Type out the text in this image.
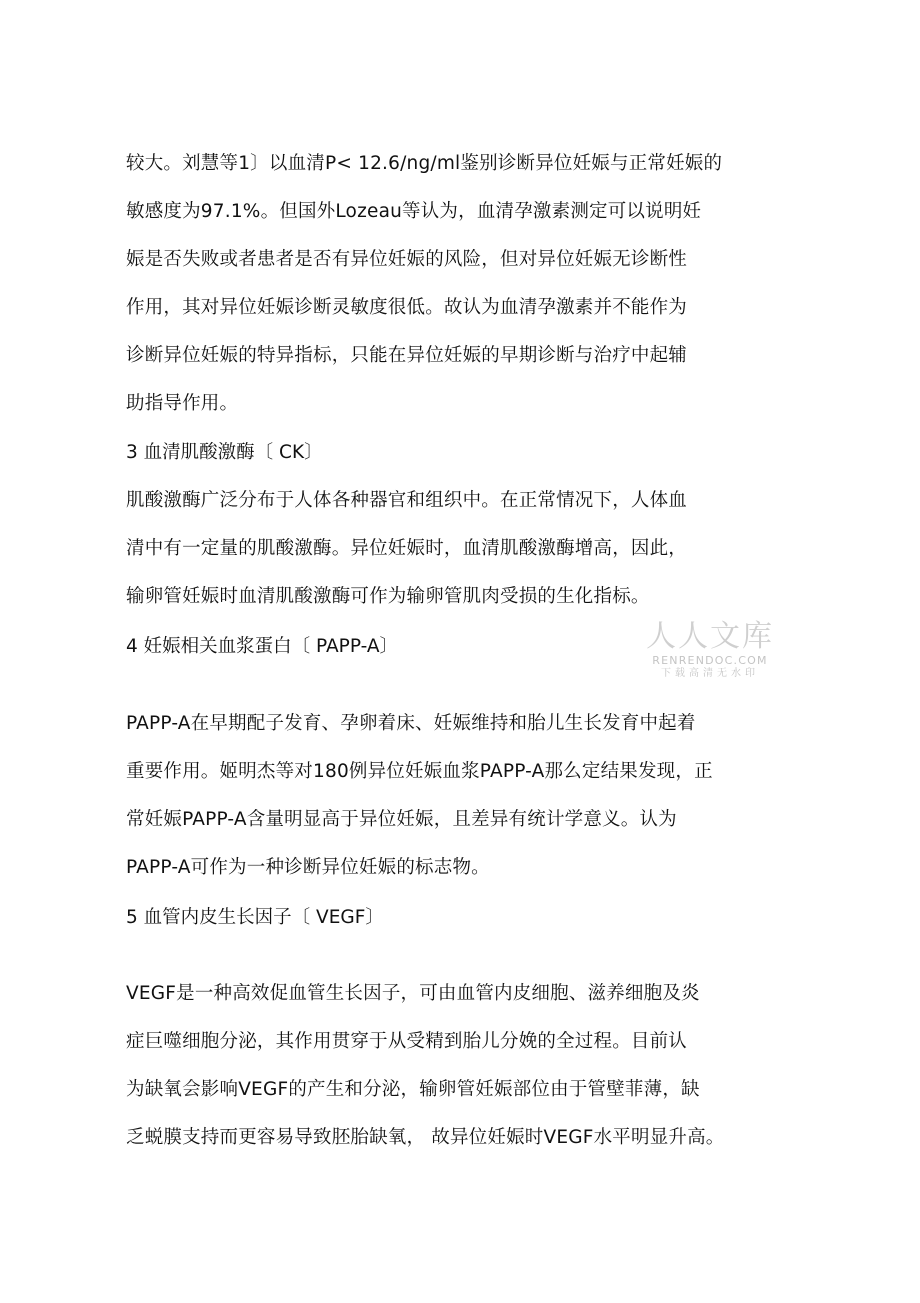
较大。刘慧等1〕以血清P< 12.6/ng/ml鉴别诊断异位妊娠与正常妊娠的
敏感度为97.1%。但国外Lozeau等认为，血清孕激素测定可以说明妊
娠是否失败或者患者是否有异位妊娠的风险，但对异位妊娠无诊断性
作用，其对异位妊娠诊断灵敏度很低。故认为血清孕激素并不能作为
诊断异位妊娠的特异指标，只能在异位妊娠的早期诊断与治疗中起辅
助指导作用。
3 血清肌酸激酶〔 CK〕
肌酸激酶广泛分布于人体各种器官和组织中。在正常情况下，人体血
清中有一定量的肌酸激酶。异位妊娠时，血清肌酸激酶增高，因此，
输卵管妊娠时血清肌酸激酶可作为输卵管肌肉受损的生化指标。
4 妊娠相关血浆蛋白〔 PAPP-A〕	人人文库
RENRENDOC.COM
下载高清无水印
PAPP-A在早期配子发育、孕卵着床、妊娠维持和胎儿生长发育中起着
重要作用。姬明杰等对180例异位妊娠血浆PAPP-A那么定结果发现，正
常妊娠PAPP-A含量明显高于异位妊娠，且差异有统计学意义。认为
PAPP-A可作为一种诊断异位妊娠的标志物。
5 血管内皮生长因子〔 VEGF〕
VEGF是一种高效促血管生长因子，可由血管内皮细胞、滋养细胞及炎
症巨噬细胞分泌，其作用贯穿于从受精到胎儿分娩的全过程。目前认
为缺氧会影响VEGF的产生和分泌，输卵管妊娠部位由于管壁菲薄，缺
乏蜕膜支持而更容易导致胚胎缺氧， 故异位妊娠时VEGF水平明显升高。
